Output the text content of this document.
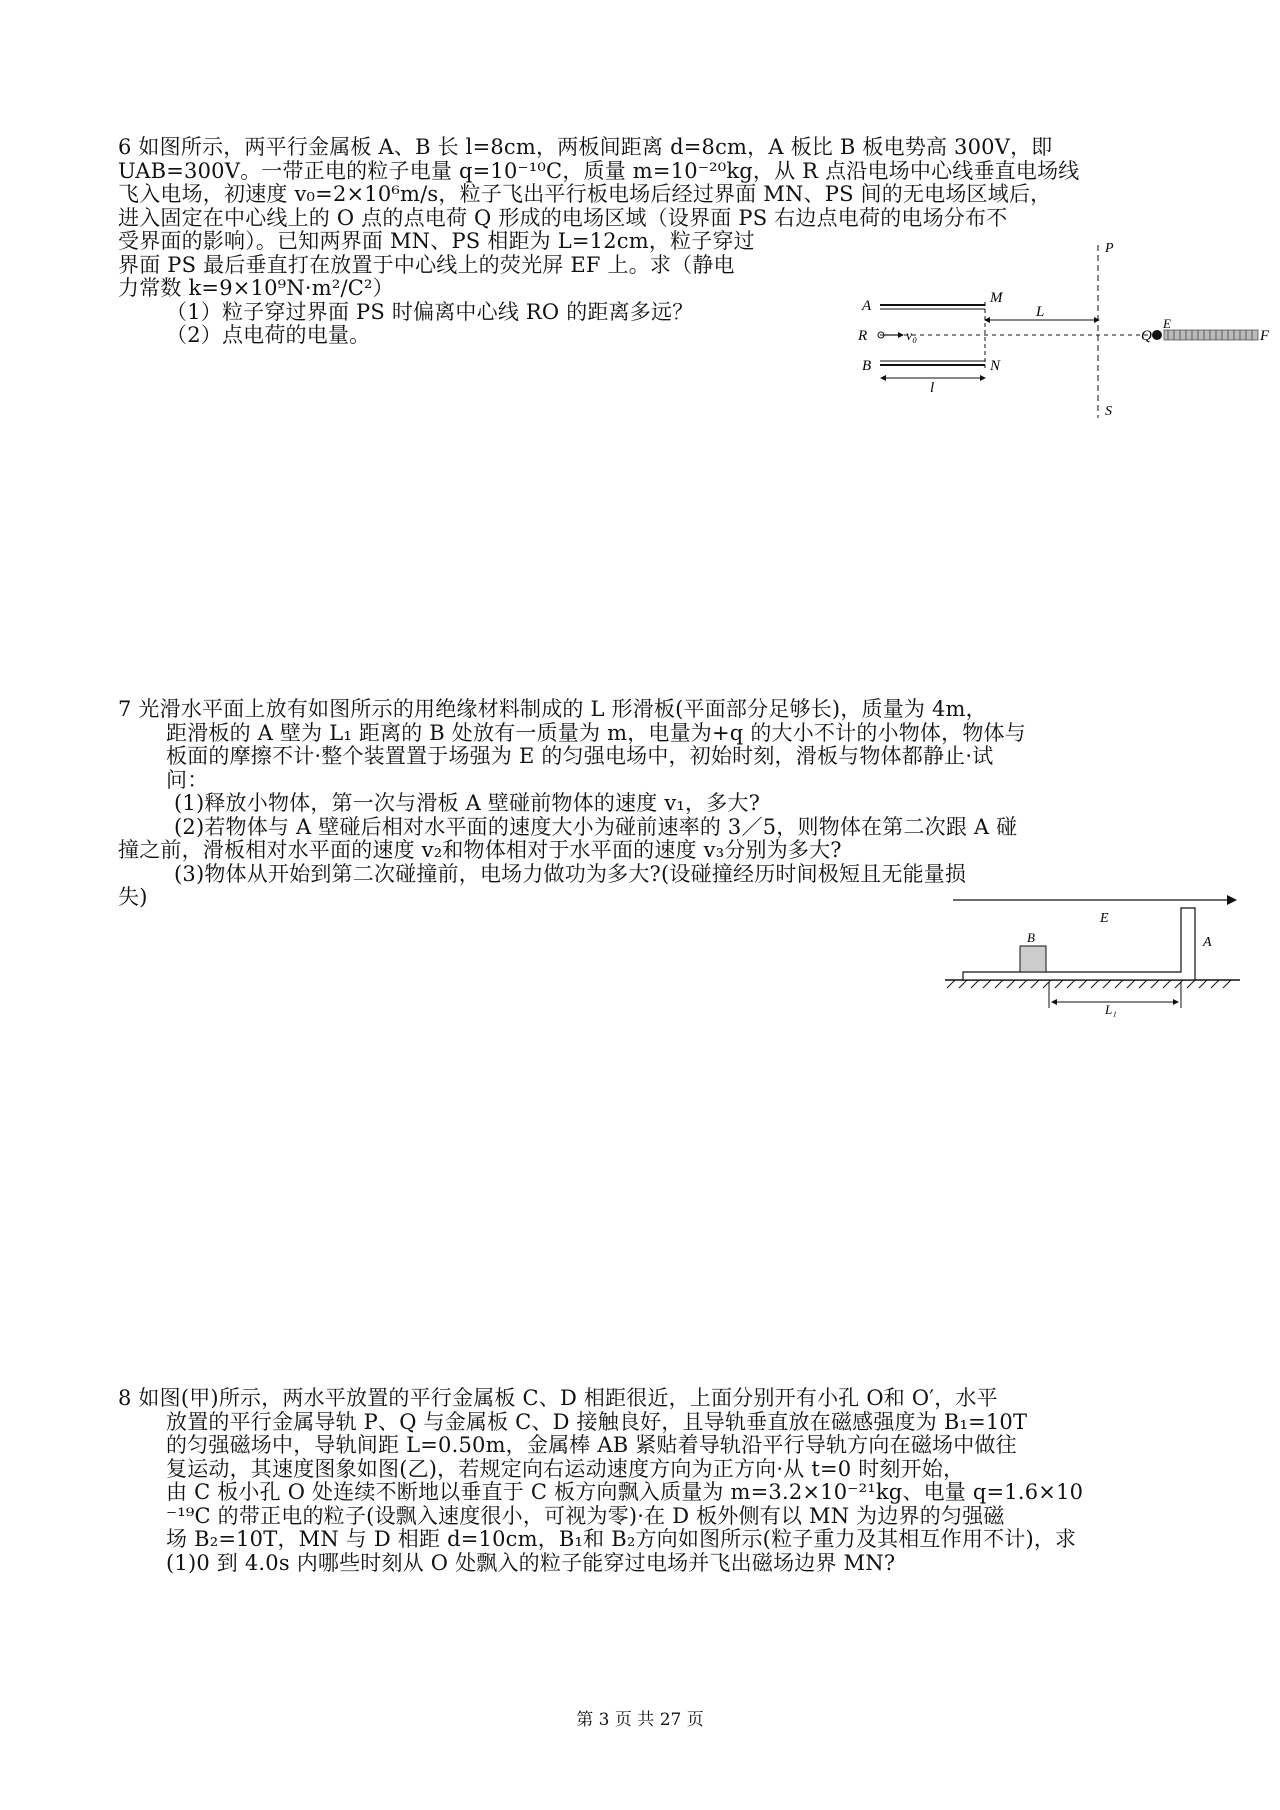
6 如图所示，两平行金属板 A、B 长 l=8cm，两板间距离 d=8cm，A 板比 B 板电势高 300V，即
UAB=300V。一带正电的粒子电量 q=10⁻¹⁰C，质量 m=10⁻²⁰kg，从 R 点沿电场中心线垂直电场线
飞入电场，初速度 v₀=2×10⁶m/s，粒子飞出平行板电场后经过界面 MN、PS 间的无电场区域后，
进入固定在中心线上的 O 点的点电荷 Q 形成的电场区域（设界面 PS 右边点电荷的电场分布不
受界面的影响）。已知两界面 MN、PS 相距为 L=12cm，粒子穿过
界面 PS 最后垂直打在放置于中心线上的荧光屏 EF 上。求（静电
力常数 k=9×10⁹N·m²/C²）
（1）粒子穿过界面 PS 时偏离中心线 RO 的距离多远？
（2）点电荷的电量。
A
R
B
v₀
l
M
N
L
P
S
Q
E
F
7 光滑水平面上放有如图所示的用绝缘材料制成的 L 形滑板(平面部分足够长)，质量为 4m，
距滑板的 A 壁为 L₁ 距离的 B 处放有一质量为 m，电量为+q 的大小不计的小物体，物体与
板面的摩擦不计·整个装置置于场强为 E 的匀强电场中，初始时刻，滑板与物体都静止·试
问：
(1)释放小物体，第一次与滑板 A 壁碰前物体的速度 v₁，多大?
(2)若物体与 A 壁碰后相对水平面的速度大小为碰前速率的 3／5，则物体在第二次跟 A 碰
撞之前，滑板相对水平面的速度 v₂和物体相对于水平面的速度 v₃分别为多大?
(3)物体从开始到第二次碰撞前，电场力做功为多大?(设碰撞经历时间极短且无能量损
失)
E
A
B
L₁
8 如图(甲)所示，两水平放置的平行金属板 C、D 相距很近，上面分别开有小孔 O和 O′，水平
放置的平行金属导轨 P、Q 与金属板 C、D 接触良好，且导轨垂直放在磁感强度为 B₁=10T
的匀强磁场中，导轨间距 L=0.50m，金属棒 AB 紧贴着导轨沿平行导轨方向在磁场中做往
复运动，其速度图象如图(乙)，若规定向右运动速度方向为正方向·从 t=0 时刻开始，
由 C 板小孔 O 处连续不断地以垂直于 C 板方向飘入质量为 m=3.2×10⁻²¹kg、电量 q=1.6×10
⁻¹⁹C 的带正电的粒子(设飘入速度很小，可视为零)·在 D 板外侧有以 MN 为边界的匀强磁
场 B₂=10T，MN 与 D 相距 d=10cm，B₁和 B₂方向如图所示(粒子重力及其相互作用不计)，求
(1)0 到 4.0s 内哪些时刻从 O 处飘入的粒子能穿过电场并飞出磁场边界 MN?
第 3 页 共 27 页
